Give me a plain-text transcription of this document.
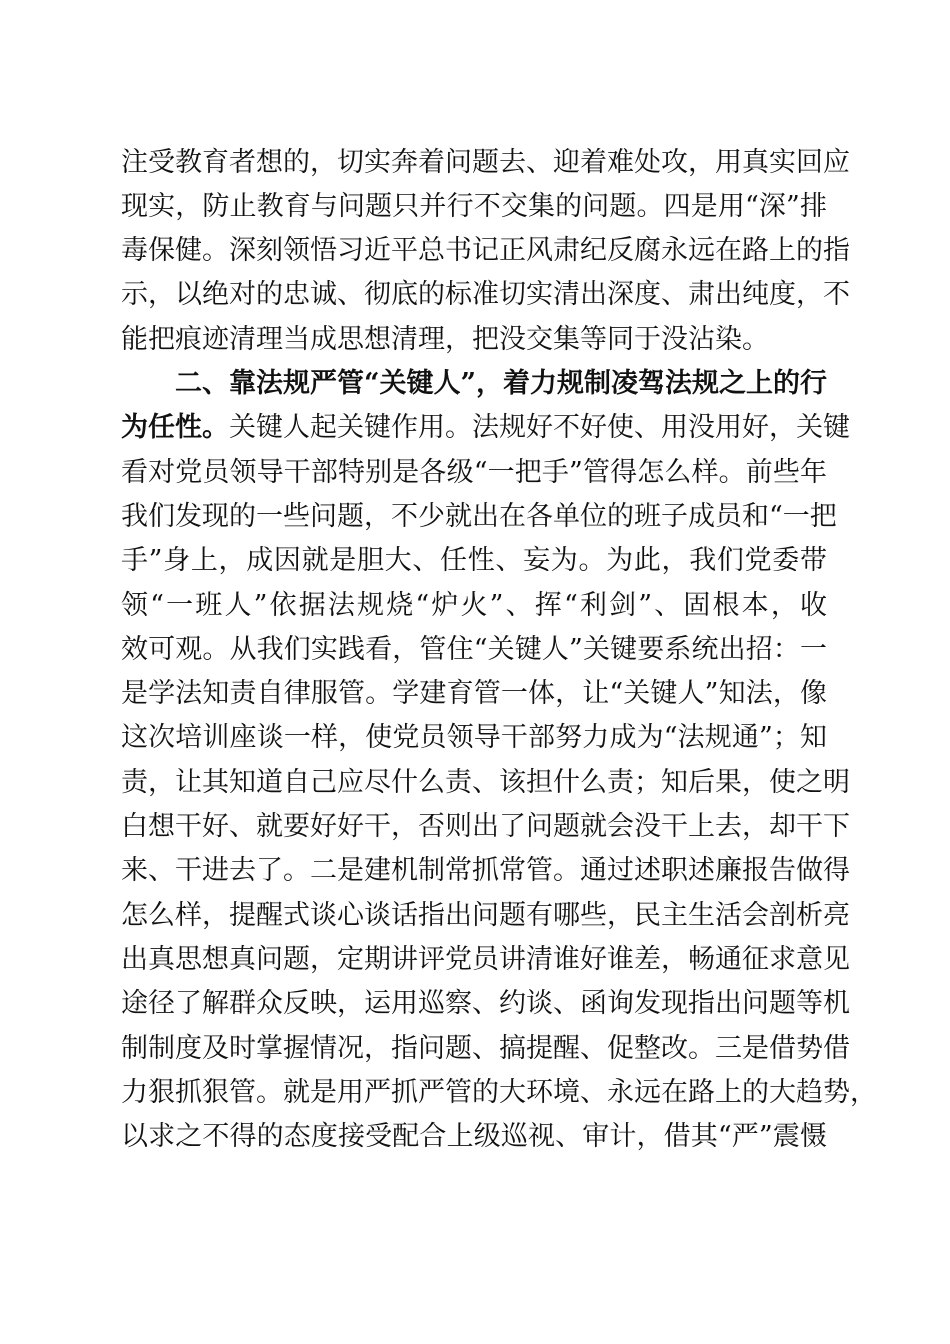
注受教育者想的，切实奔着问题去、迎着难处攻，用真实回应
现实，防止教育与问题只并行不交集的问题。四是用“深”排
毒保健。深刻领悟习近平总书记正风肃纪反腐永远在路上的指
示，以绝对的忠诚、彻底的标准切实清出深度、肃出纯度，不
能把痕迹清理当成思想清理，把没交集等同于没沾染。
二、靠法规严管“关键人”，着力规制凌驾法规之上的行
为任性。关键人起关键作用。法规好不好使、用没用好，关键
看对党员领导干部特别是各级“一把手”管得怎么样。前些年
我们发现的一些问题，不少就出在各单位的班子成员和“一把
手”身上，成因就是胆大、任性、妄为。为此，我们党委带
领“一班人”依据法规烧“炉火”、挥“利剑”、固根本，收
效可观。从我们实践看，管住“关键人”关键要系统出招：一
是学法知责自律服管。学建育管一体，让“关键人”知法，像
这次培训座谈一样，使党员领导干部努力成为“法规通”；知
责，让其知道自己应尽什么责、该担什么责；知后果，使之明
白想干好、就要好好干，否则出了问题就会没干上去，却干下
来、干进去了。二是建机制常抓常管。通过述职述廉报告做得
怎么样，提醒式谈心谈话指出问题有哪些，民主生活会剖析亮
出真思想真问题，定期讲评党员讲清谁好谁差，畅通征求意见
途径了解群众反映，运用巡察、约谈、函询发现指出问题等机
制制度及时掌握情况，指问题、搞提醒、促整改。三是借势借
力狠抓狠管。就是用严抓严管的大环境、永远在路上的大趋势，
以求之不得的态度接受配合上级巡视、审计，借其“严”震慑
